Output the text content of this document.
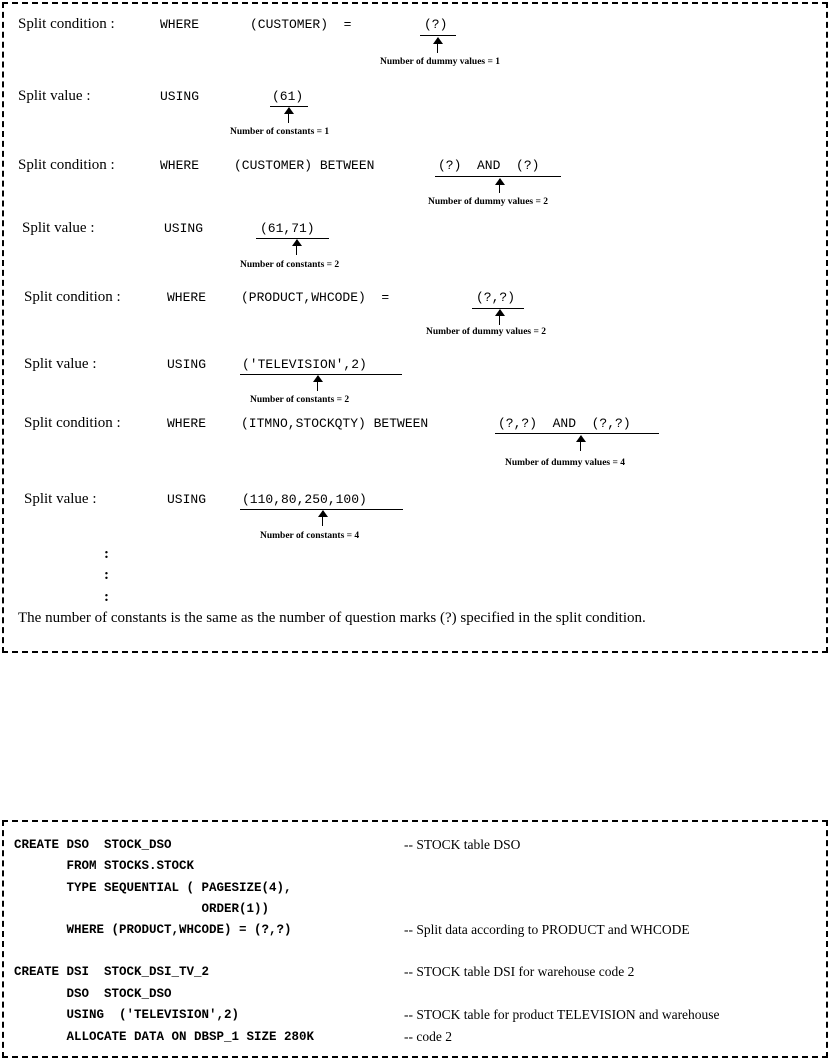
Split condition :	WHERE	(CUSTOMER)  =	(?)
Number of dummy values = 1
Split value :	USING	(61)
Number of constants = 1
Split condition :	WHERE	(CUSTOMER) BETWEEN	(?)  AND  (?)
Number of dummy values = 2
Split value :	USING	(61,71)
Number of constants = 2
Split condition :	WHERE	(PRODUCT,WHCODE)  =	(?,?)
Number of dummy values = 2
Split value :	USING	('TELEVISION',2)
Number of constants = 2
Split condition :	WHERE	(ITMNO,STOCKQTY) BETWEEN	(?,?)  AND  (?,?)
Number of dummy values = 4
Split value :	USING	(110,80,250,100)
Number of constants = 4
:
:
:
The number of constants is the same as the number of question marks (?) specified in the split condition.
CREATE DSO  STOCK_DSO	-- STOCK table DSO
FROM STOCKS.STOCK
TYPE SEQUENTIAL ( PAGESIZE(4),
ORDER(1))
WHERE (PRODUCT,WHCODE) = (?,?)	-- Split data according to PRODUCT and WHCODE
CREATE DSI  STOCK_DSI_TV_2	-- STOCK table DSI for warehouse code 2
DSO  STOCK_DSO
USING  ('TELEVISION',2)	-- STOCK table for product TELEVISION and warehouse
ALLOCATE DATA ON DBSP_1 SIZE 280K	-- code 2
